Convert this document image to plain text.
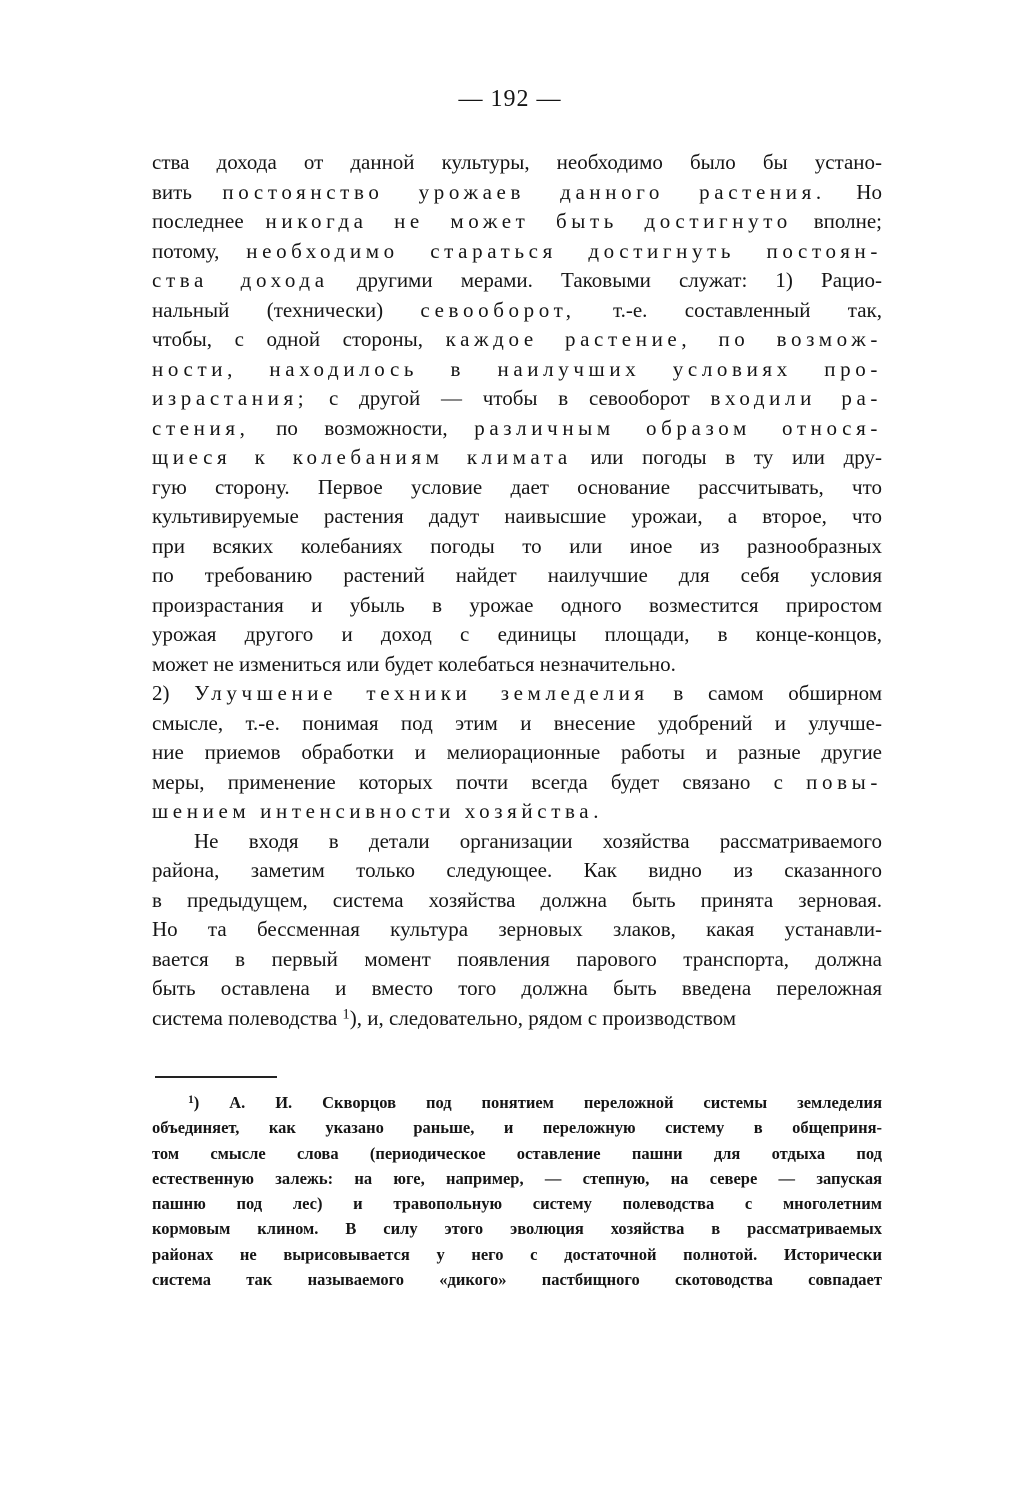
— 192 —
ства дохода от данной культуры, необходимо было бы устано-
вить постоянство урожаев данного растения. Но
последнее никогда не может быть достигнуто вполне;
потому, необходимо стараться достигнуть постоян-
ства дохода другими мерами. Таковыми служат: 1) Рацио-
нальный (технически) севооборот, т.-е. составленный так,
чтобы, с одной стороны, каждое растение, по возмож-
ности, находилось в наилучших условиях про-
израстания; с другой — чтобы в севооборот входили ра-
стения, по возможности, различным образом относя-
щиеся к колебаниям климата или погоды в ту или дру-
гую сторону. Первое условие дает основание рассчитывать, что
культивируемые растения дадут наивысшие урожаи, а второе, что
при всяких колебаниях погоды то или иное из разнообразных
по требованию растений найдет наилучшие для себя условия
произрастания и убыль в урожае одного возместится приростом
урожая другого и доход с единицы площади, в конце-концов,
может не измениться или будет колебаться незначительно.
2) Улучшение техники земледелия в самом обширном
смысле, т.-е. понимая под этим и внесение удобрений и улучше-
ние приемов обработки и мелиорационные работы и разные другие
меры, применение которых почти всегда будет связано с повы-
шением интенсивности хозяйства.
Не входя в детали организации хозяйства рассматриваемого
района, заметим только следующее. Как видно из сказанного
в предыдущем, система хозяйства должна быть принята зерновая.
Но та бессменная культура зерновых злаков, какая устанавли-
вается в первый момент появления парового транспорта, должна
быть оставлена и вместо того должна быть введена переложная
система полеводства $^1$), и, следовательно, рядом с производством
$^1$) А. И. Скворцов под понятием переложной системы земледелия
объединяет, как указано раньше, и переложную систему в общеприня-
том смысле слова (периодическое оставление пашни для отдыха под
естественную залежь: на юге, например, — степную, на севере — запуская
пашню под лес) и травопольную систему полеводства с многолетним
кормовым клином. В силу этого эволюция хозяйства в рассматриваемых
районах не вырисовывается у него с достаточной полнотой. Исторически
система так называемого «дикого» пастбищного скотоводства совпадает
